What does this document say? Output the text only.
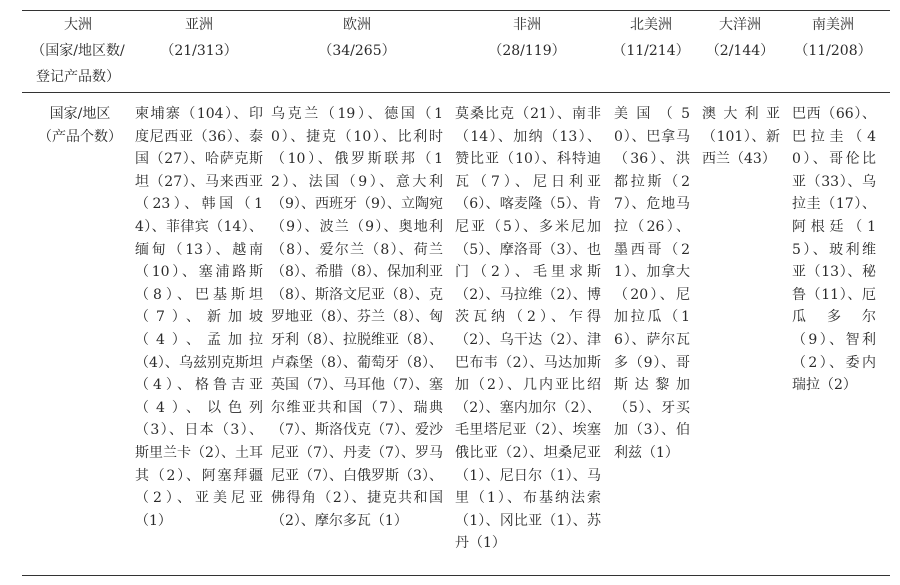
大洲
（国家/地区数/
登记产品数）
亚洲
（21/313）
欧洲
（34/265）
非洲
（28/119）
北美洲
（11/214）
大洋洲
（2/144）
南美洲
（11/208）
国家/地区
（产品个数）
柬埔寨（104）、印度尼西亚（36）、泰国（27）、哈萨克斯坦（27）、马来西亚（23）、韩国（14）、菲律宾（14）、缅甸（13）、越南（10）、塞浦路斯（8）、巴基斯坦（7）、新加坡（4）、孟加拉（4）、乌兹别克斯坦（4）、格鲁吉亚（4）、以色列（3）、日本（3）、斯里兰卡（2）、土耳其（2）、阿塞拜疆（2）、亚美尼亚（1）
乌克兰（19）、德国（10）、捷克（10）、比利时（10）、俄罗斯联邦（12）、法国（9）、意大利（9）、西班牙（9）、立陶宛（9）、波兰（9）、奥地利（8）、爱尔兰（8）、荷兰（8）、希腊（8）、保加利亚（8）、斯洛文尼亚（8）、克罗地亚（8）、芬兰（8）、匈牙利（8）、拉脱维亚（8）、卢森堡（8）、葡萄牙（8）、英国（7）、马耳他（7）、塞尔维亚共和国（7）、瑞典（7）、斯洛伐克（7）、爱沙尼亚（7）、丹麦（7）、罗马尼亚（7）、白俄罗斯（3）、佛得角（2）、捷克共和国（2）、摩尔多瓦（1）
莫桑比克（21）、南非（14）、加纳（13）、赞比亚（10）、科特迪瓦（7）、尼日利亚（6）、喀麦隆（5）、肯尼亚（5）、多米尼加（5）、摩洛哥（3）、也门（2）、毛里求斯（2）、马拉维（2）、博茨瓦纳（2）、乍得（2）、乌干达（2）、津巴布韦（2）、马达加斯加（2）、几内亚比绍（2）、塞内加尔（2）、毛里塔尼亚（2）、埃塞俄比亚（2）、坦桑尼亚（1）、尼日尔（1）、马里（1）、布基纳法索（1）、冈比亚（1）、苏丹（1）
美国（50）、巴拿马（36）、洪都拉斯（27）、危地马拉（26）、墨西哥（21）、加拿大（20）、尼加拉瓜（16）、萨尔瓦多（9）、哥斯达黎加（5）、牙买加（3）、伯利兹（1）
澳大利亚（101）、新西兰（43）
巴西（66）、巴拉圭（40）、哥伦比亚（33）、乌拉圭（17）、阿根廷（15）、玻利维亚（13）、秘鲁（11）、厄瓜多尔（9）、智利（2）、委内瑞拉（2）
